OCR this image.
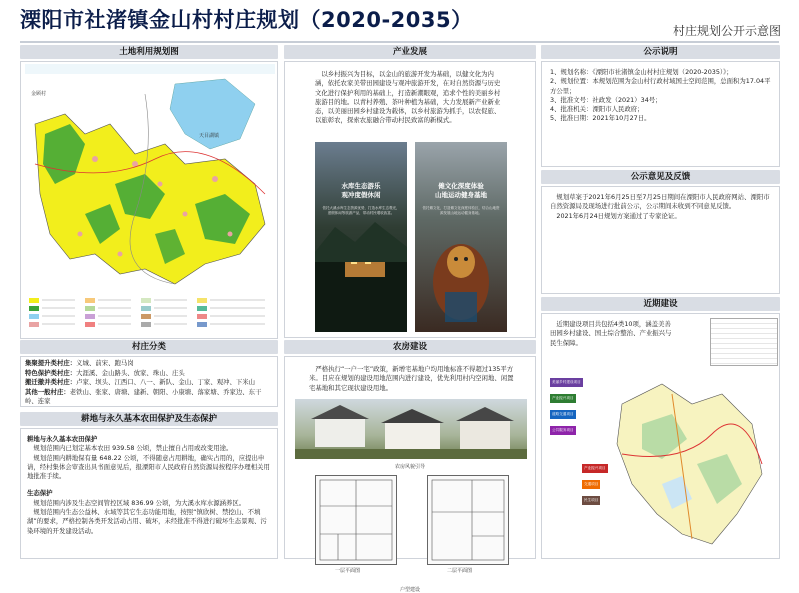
溧阳市社渚镇金山村村庄规划（2020-2035）	村庄规划公开示意图
土地利用规划图
金顾村
天目湖镇
村庄分类
集聚提升类村庄：义城、前宋、跑马岗
特色保护类村庄：大涯溪、金山路头、放家、珠山、庄头
搬迁撤并类村庄：卢家、坝头、江西口、八一、新队、金山、丁家、观冲、下米山
其他一般村庄：老铁山、张家、唐塘、建新、朝阳、小康塘、落家塘、乔家边、东干岭、连家
耕地与永久基本农田保护及生态保护
耕地与永久基本农田保护
规划范围内已划定基本农田 939.58 公顷，禁止擅自占用或改变用途。
规划范围内耕地保有量 648.22 公顷，不得随意占用耕地，确实占用的，应提出申请，经村集体会审查出具书面意见后，报溧阳市人民政府自然资源局按程序办理相关用地批准手续。
生态保护
规划范围内涉及生态空间管控区域 836.99 公顷，为大溪水库水源涵养区。
规划范围内生态公益林、水域等其它生态功能用地，按照“镇欣树、禁挖山、不填湖”的要求，严格控制各类开发活动占用、破坏，未经批准不得进行破坏生态景观、污染环境的开发建设活动。
产业发展
以乡村振兴为目标，以金山的旅游开发为基础，以健文化为内涵，依托农家美带田园建设与观冲旅游开发，在对自然资源与历史文化进行保护利用的基础上，打造新潮眼观，追求个性的美丽乡村旅游目的地。以青村养殖、茶叶种植为基础，大力发展新产业新业态，以美丽田园乡村建设为载体，以乡村旅游为抓手，以农促旅、以旅彰农，探索农旅融合带动村民致富的新模式。
水库生态游乐
观冲度假休闲
依托大溪水库生态资源优势，打造水库生态观光，度假休闲等旅游产品，带动村民增收致富。
傩文化深度体验
山地运动健身基地
依托傩文化，打造傩文化深度体验区，结合山地资源发展山地运动健身基地。
农房建设
严格执行“一户一宅”政策，新增宅基地户均用地标准不得超过135平方米。目应在规划的建设用地范围内进行建设，优先利用村内空闲地、闲置宅基地和其它现状建设用地。
农房风貌引导
一层平面图	二层平面图
户型建设
公示说明
1、规划名称：《溧阳市社渚镇金山村村庄规划（2020-2035）》；
2、规划位置：本规划范围为金山村行政村域国土空间范围，总面积为17.04平方公里；
3、批准文号：社政发（2021）34号；
4、批准机关：溧阳市人民政府；
5、批准日期：2021年10月27日。
公示意见及反馈
规划草案于2021年6月25日至7月25日期间在溧阳市人民政府网站、溧阳市自然资源局及现场进行批前公示，公示期间未收到不同意见反馈。
2021年6月24日规划方案通过了专家论证。
近期建设
近期建设项目共包括4类10项，涵盖美善田园乡村建设、国土综合整治、产业振兴与民生保障。
美丽乡村建设项目
产业振兴项目
道路交通项目
公共服务项目
产业振兴项目
交通项目
民生项目
